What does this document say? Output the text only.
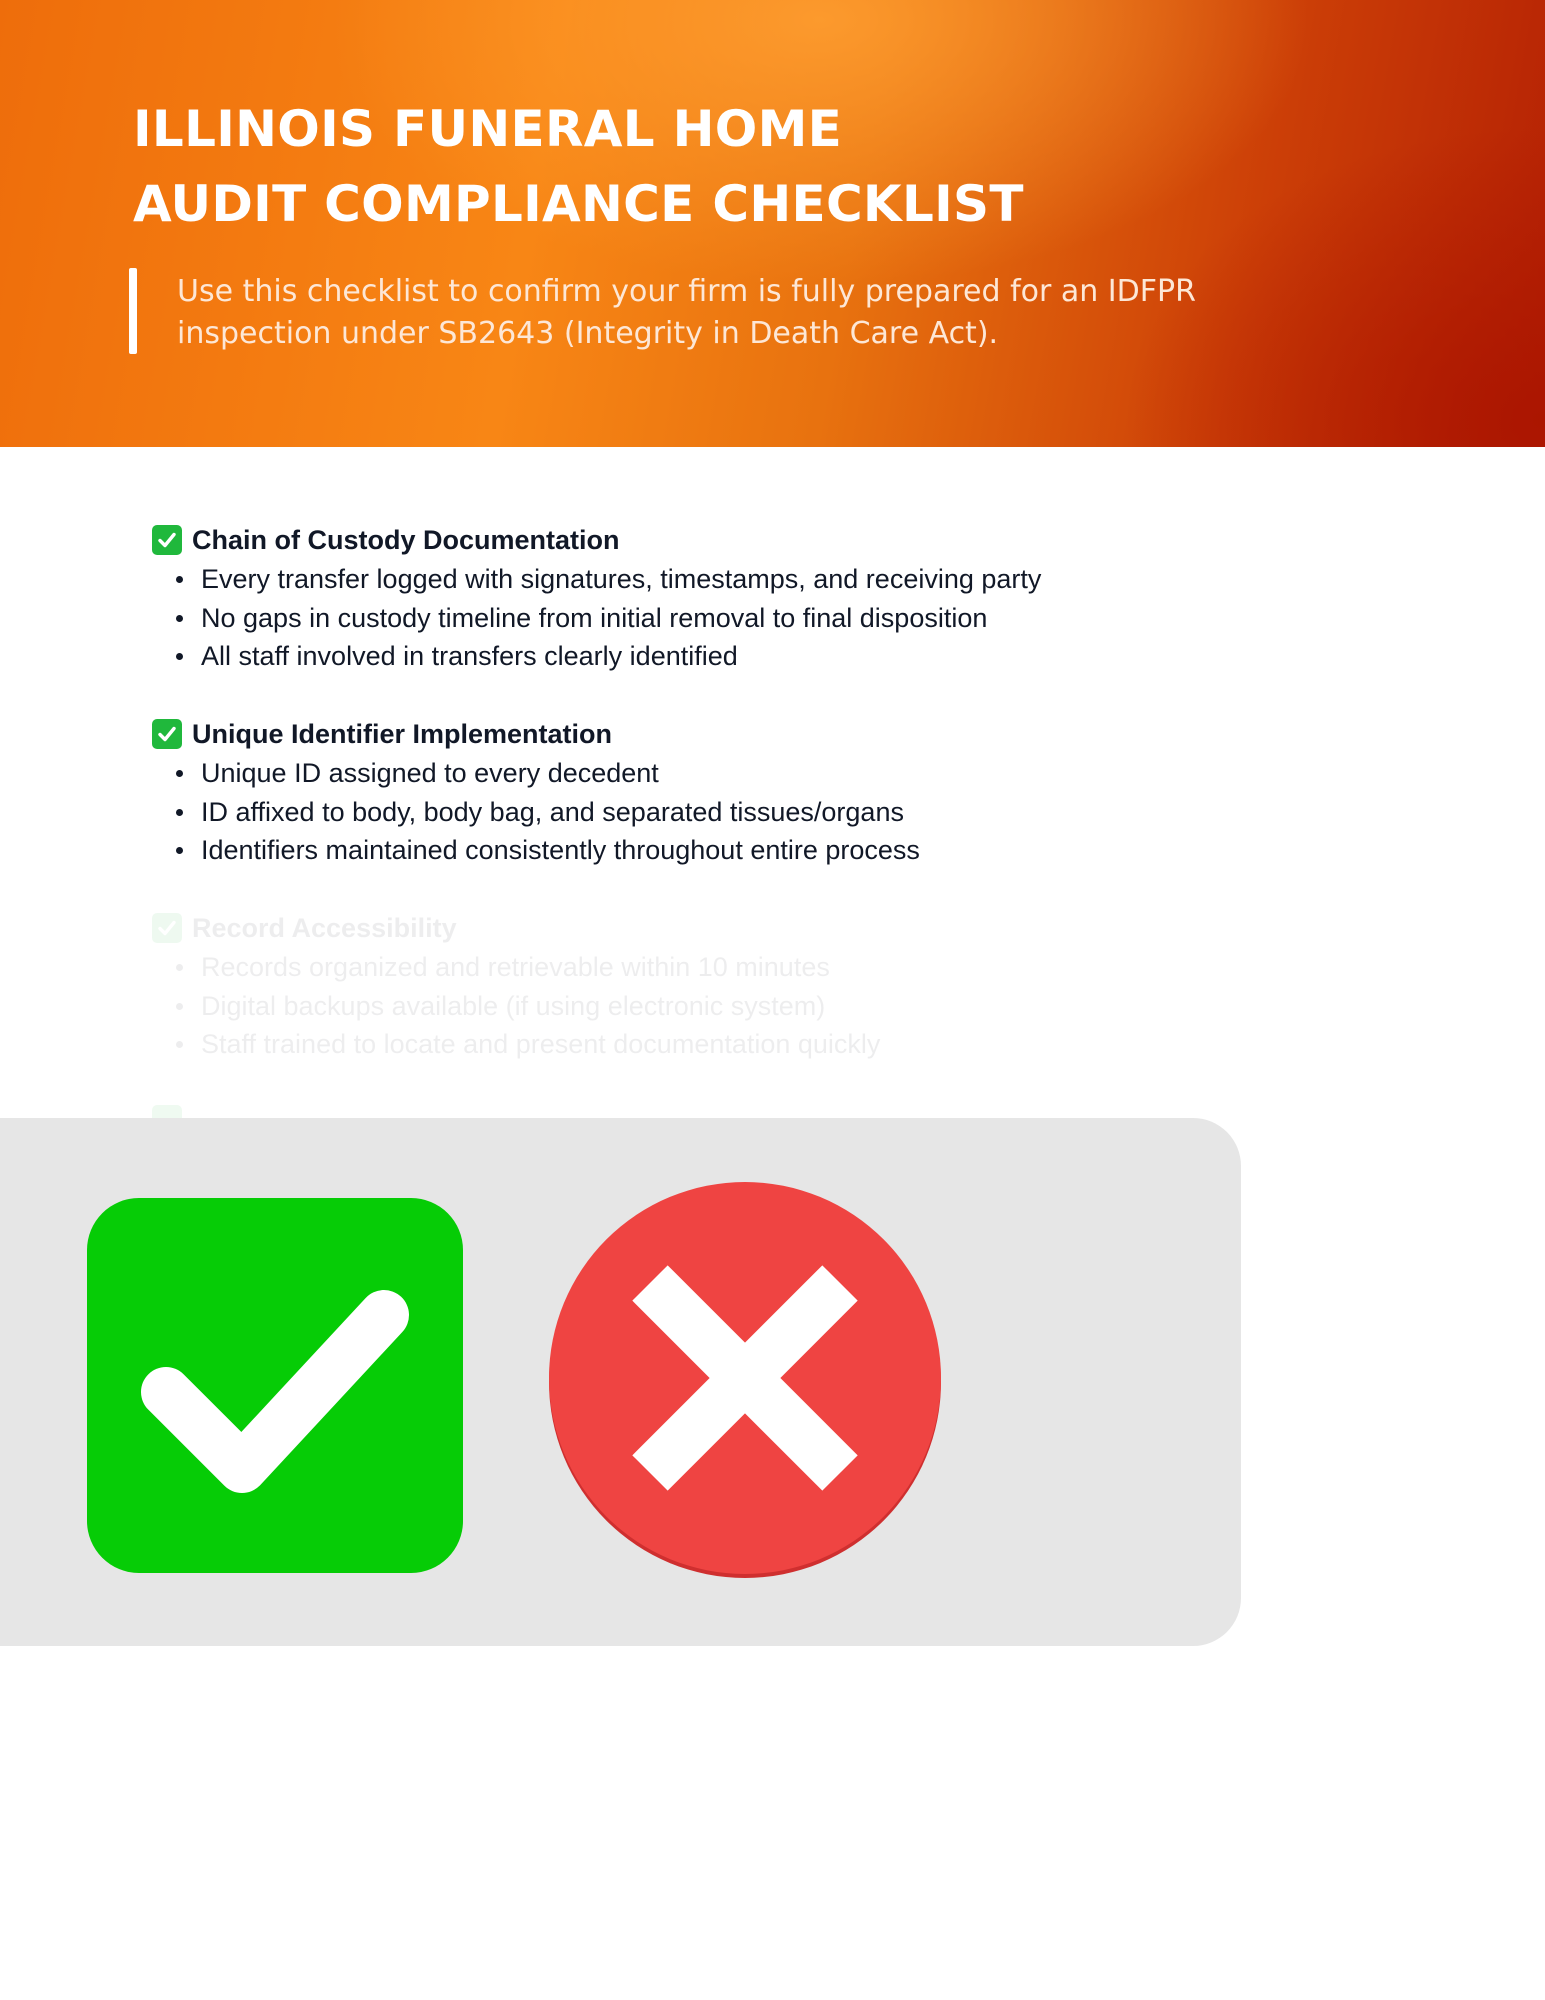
ILLINOIS FUNERAL HOME
AUDIT COMPLIANCE CHECKLIST
Use this checklist to confirm your firm is fully prepared for an IDFPR
inspection under SB2643 (Integrity in Death Care Act).
Chain of Custody Documentation
Every transfer logged with signatures, timestamps, and receiving party
No gaps in custody timeline from initial removal to final disposition
All staff involved in transfers clearly identified
Unique Identifier Implementation
Unique ID assigned to every decedent
ID affixed to body, body bag, and separated tissues/organs
Identifiers maintained consistently throughout entire process
Record Accessibility
Records organized and retrievable within 10 minutes
Digital backups available (if using electronic system)
Staff trained to locate and present documentation quickly
